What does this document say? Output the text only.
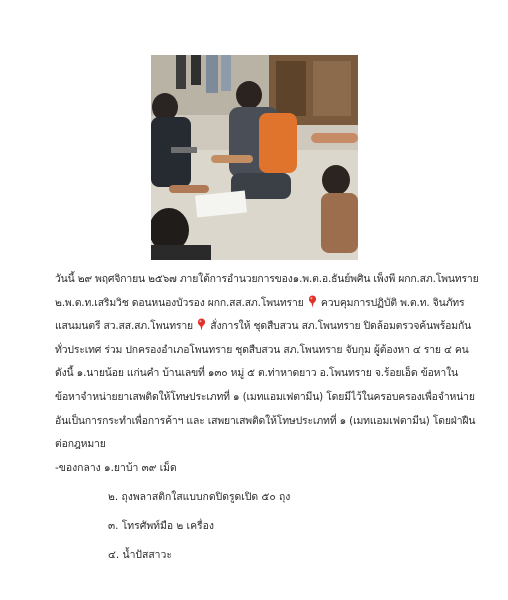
วันนี้ ๒๙ พฤศจิกายน ๒๕๖๗ ภายใต้การอำนวยการของ๑.พ.ต.อ.ธันย์พศิน เพ็งพี ผกก.สภ.โพนทราย
๒.พ.ต.ท.เสริมวิช ดอนหนองบัวรอง ผกก.สส.สภ.โพนทราย ควบคุมการปฏิบัติ พ.ต.ท. จินภัทร
แสนมนตรี สว.สส.สภ.โพนทราย สั่งการให้ ชุดสืบสวน สภ.โพนทราย ปิดล้อมตรวจค้นพร้อมกัน
ทั่วประเทศ ร่วม ปกครองอำเภอโพนทราย ชุดสืบสวน สภ.โพนทราย จับกุม ผู้ต้องหา ๔ ราย ๔ คน
ดังนี้ ๑.นายน้อย แก่นคำ บ้านเลขที่ ๑๓๐ หมู่ ๕ ต.ท่าหาดยาว อ.โพนทราย จ.ร้อยเอ็ด ข้อหาใน
ข้อหาจำหน่ายยาเสพติดให้โทษประเภทที่ ๑ (เมทแอมเฟตามีน) โดยมีไว้ในครอบครองเพื่อจำหน่าย
อันเป็นการกระทำเพื่อการค้าฯ และ เสพยาเสพติดให้โทษประเภทที่ ๑ (เมทแอมเฟตามีน) โดยฝ่าฝืน
ต่อกฎหมาย
-ของกลาง ๑.ยาบ้า ๓๙ เม็ด
๒. ถุงพลาสติกใสแบบกดปิดรูดเปิด ๕๐ ถุง
๓. โทรศัพท์มือ ๒ เครื่อง
๔. น้ำปัสสาวะ
